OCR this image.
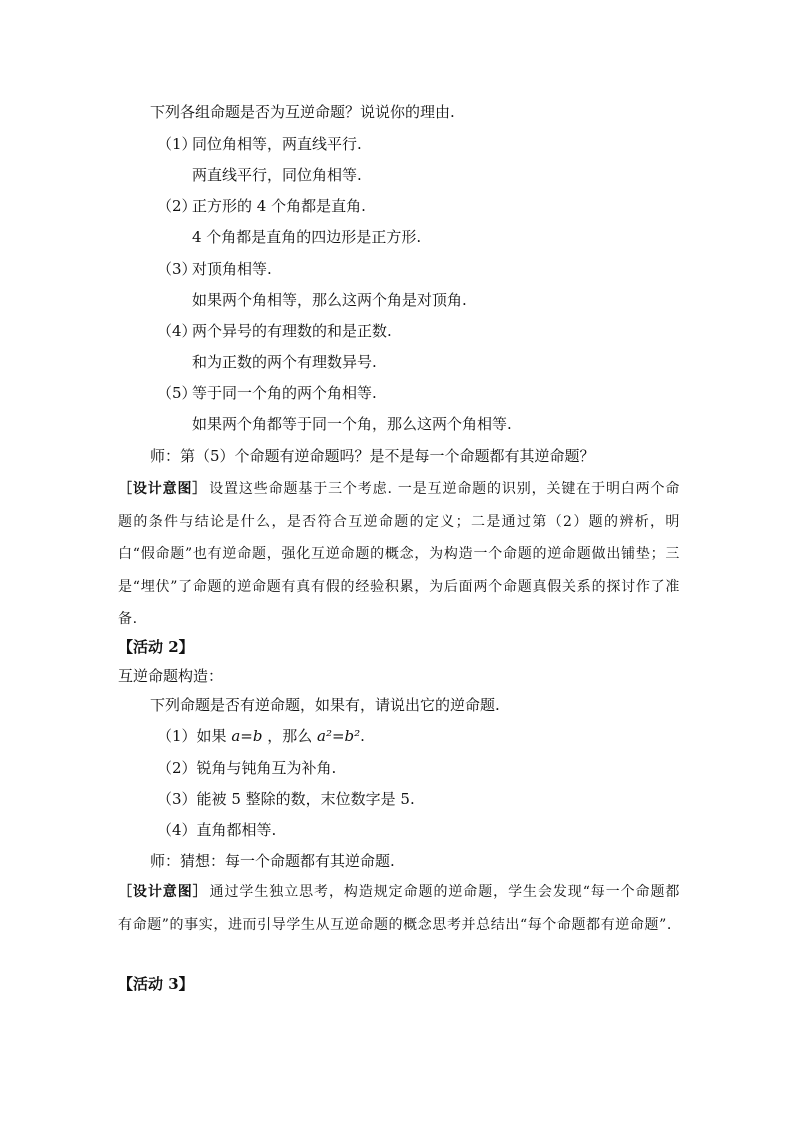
下列各组命题是否为互逆命题？说说你的理由.
（1）
同位角相等，两直线平行.
两直线平行，同位角相等.
（2）
正方形的 4 个角都是直角.
4 个角都是直角的四边形是正方形.
（3）
对顶角相等.
如果两个角相等，那么这两个角是对顶角.
（4）
两个异号的有理数的和是正数.
和为正数的两个有理数异号.
（5）
等于同一个角的两个角相等.
如果两个角都等于同一个角，那么这两个角相等.
师：第（5）个命题有逆命题吗？是不是每一个命题都有其逆命题？
［设计意图］ 设置这些命题基于三个考虑. 一是互逆命题的识别，关键在于明白两个命题的条件与结论是什么，是否符合互逆命题的定义；二是通过第（2）题的辨析，明白“假命题”也有逆命题，强化互逆命题的概念，为构造一个命题的逆命题做出铺垫；三是“埋伏”了命题的逆命题有真有假的经验积累，为后面两个命题真假关系的探讨作了准备.
【活动 2】
互逆命题构造：
下列命题是否有逆命题，如果有，请说出它的逆命题.
（1）如果 a=b ，那么 a²=b².
（2）锐角与钝角互为补角.
（3）能被 5 整除的数，末位数字是 5.
（4）直角都相等.
师：猜想：每一个命题都有其逆命题.
［设计意图］ 通过学生独立思考，构造规定命题的逆命题，学生会发现“每一个命题都有命题”的事实，进而引导学生从互逆命题的概念思考并总结出“每个命题都有逆命题”.
【活动 3】
